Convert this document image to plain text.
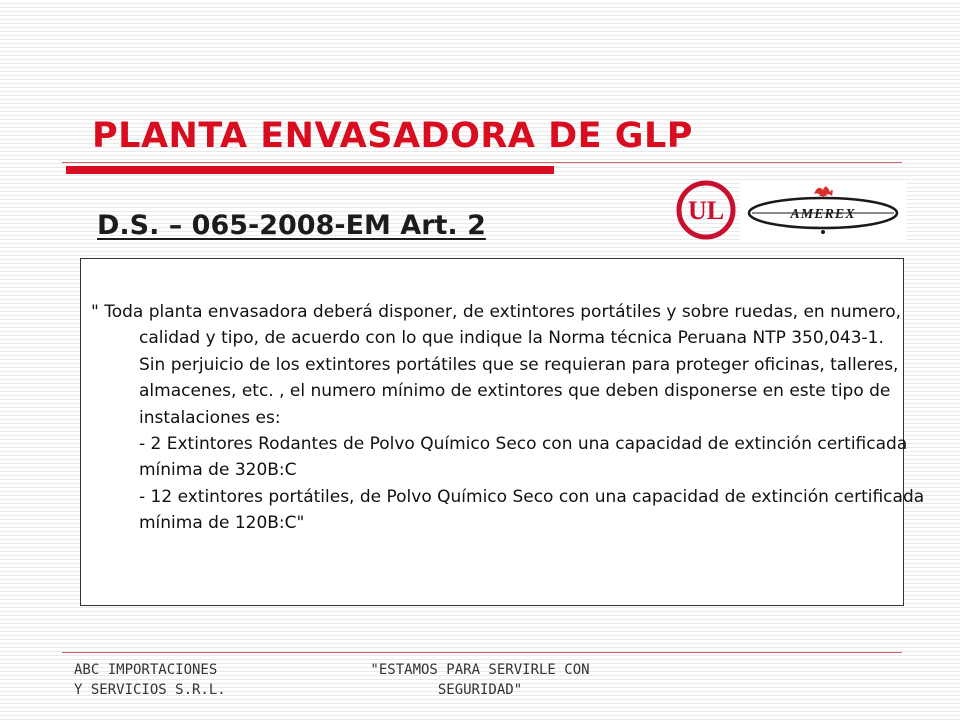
PLANTA ENVASADORA DE GLP
D.S. – 065-2008-EM Art. 2	UL	AMEREX

" Toda planta envasadora deberá disponer, de extintores portátiles y sobre ruedas, en numero, calidad y tipo, de acuerdo con lo que indique la Norma técnica Peruana NTP 350,043-1.
Sin perjuicio de los extintores portátiles que se requieran para proteger oficinas, talleres, almacenes, etc. , el numero mínimo de extintores que deben disponerse en este tipo de instalaciones es:
- 2 Extintores Rodantes de Polvo Químico Seco con una capacidad de extinción certificada mínima de 320B:C
- 12 extintores portátiles, de Polvo Químico Seco con una capacidad de extinción certificada mínima de 120B:C"

ABC IMPORTACIONES
Y SERVICIOS S.R.L.
"ESTAMOS PARA SERVIRLE CON
SEGURIDAD"
